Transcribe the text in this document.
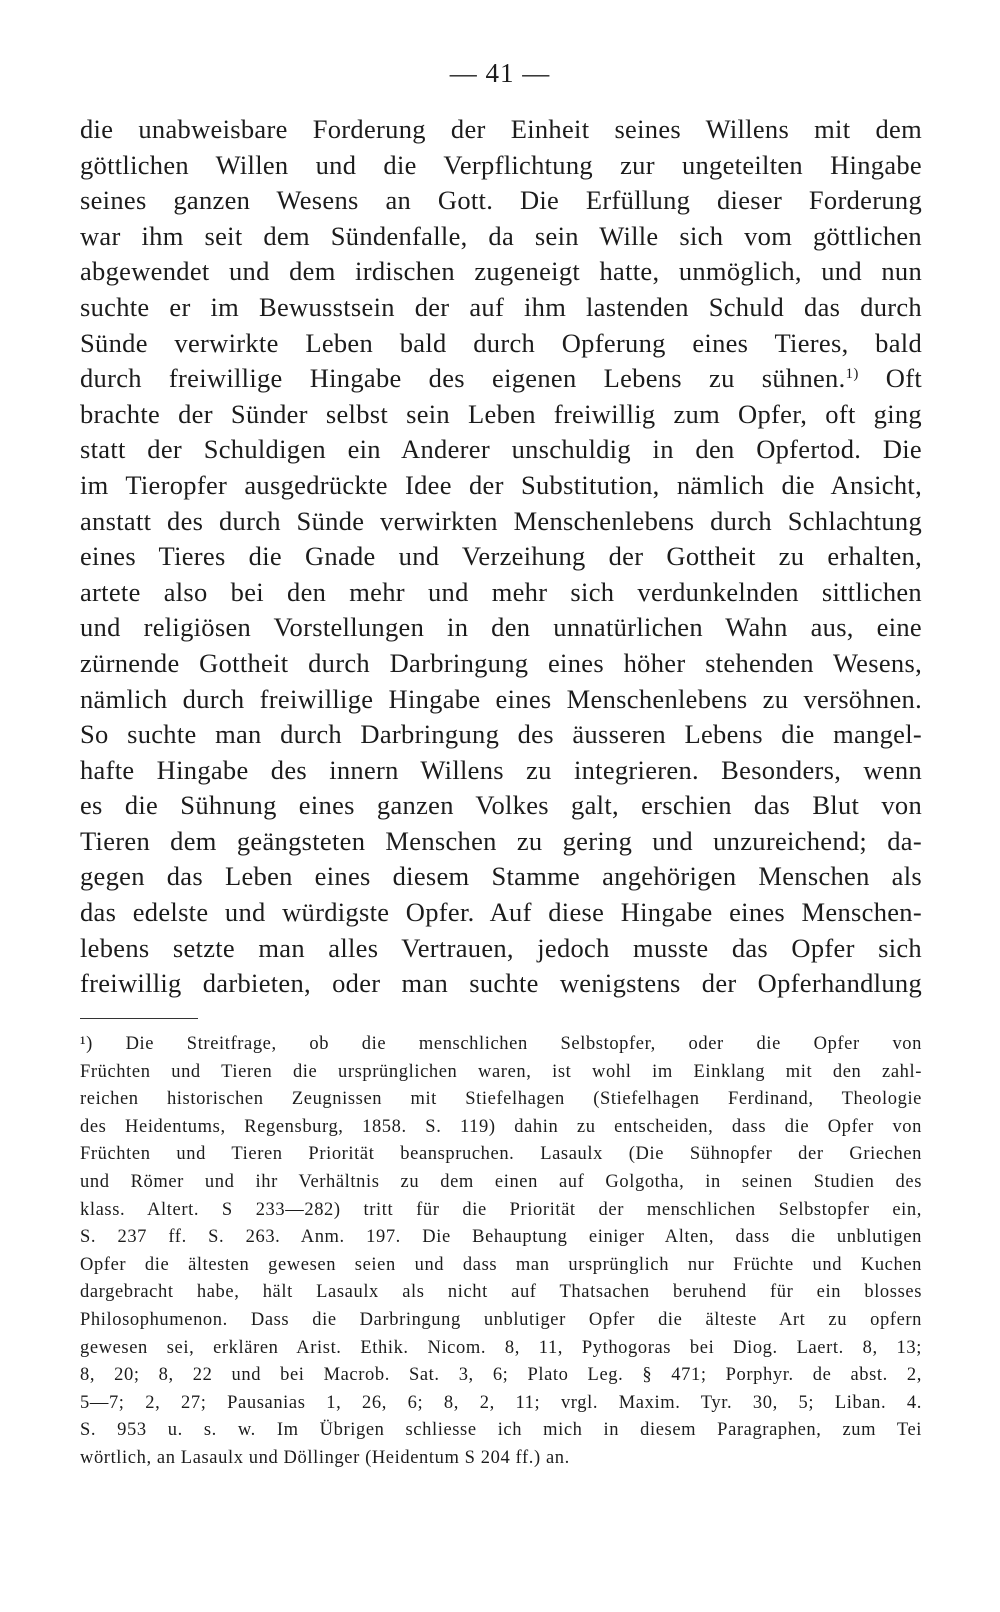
— 41 —
die unabweisbare Forderung der Einheit seines Willens mit dem
göttlichen Willen und die Verpflichtung zur ungeteilten Hingabe
seines ganzen Wesens an Gott. Die Erfüllung dieser Forderung
war ihm seit dem Sündenfalle, da sein Wille sich vom göttlichen
abgewendet und dem irdischen zugeneigt hatte, unmöglich, und nun
suchte er im Bewusstsein der auf ihm lastenden Schuld das durch
Sünde verwirkte Leben bald durch Opferung eines Tieres, bald
durch freiwillige Hingabe des eigenen Lebens zu sühnen.$^{1)}$ Oft
brachte der Sünder selbst sein Leben freiwillig zum Opfer, oft ging
statt der Schuldigen ein Anderer unschuldig in den Opfertod. Die
im Tieropfer ausgedrückte Idee der Substitution, nämlich die Ansicht,
anstatt des durch Sünde verwirkten Menschenlebens durch Schlachtung
eines Tieres die Gnade und Verzeihung der Gottheit zu erhalten,
artete also bei den mehr und mehr sich verdunkelnden sittlichen
und religiösen Vorstellungen in den unnatürlichen Wahn aus, eine
zürnende Gottheit durch Darbringung eines höher stehenden Wesens,
nämlich durch freiwillige Hingabe eines Menschenlebens zu versöhnen.
So suchte man durch Darbringung des äusseren Lebens die mangel-
hafte Hingabe des innern Willens zu integrieren. Besonders, wenn
es die Sühnung eines ganzen Volkes galt, erschien das Blut von
Tieren dem geängsteten Menschen zu gering und unzureichend; da-
gegen das Leben eines diesem Stamme angehörigen Menschen als
das edelste und würdigste Opfer. Auf diese Hingabe eines Menschen-
lebens setzte man alles Vertrauen, jedoch musste das Opfer sich
freiwillig darbieten, oder man suchte wenigstens der Opferhandlung
¹) Die Streitfrage, ob die menschlichen Selbstopfer, oder die Opfer von
Früchten und Tieren die ursprünglichen waren, ist wohl im Einklang mit den zahl-
reichen historischen Zeugnissen mit Stiefelhagen (Stiefelhagen Ferdinand, Theologie
des Heidentums, Regensburg, 1858. S. 119) dahin zu entscheiden, dass die Opfer von
Früchten und Tieren Priorität beanspruchen. Lasaulx (Die Sühnopfer der Griechen
und Römer und ihr Verhältnis zu dem einen auf Golgotha, in seinen Studien des
klass. Altert. S 233—282) tritt für die Priorität der menschlichen Selbstopfer ein,
S. 237 ff. S. 263. Anm. 197. Die Behauptung einiger Alten, dass die unblutigen
Opfer die ältesten gewesen seien und dass man ursprünglich nur Früchte und Kuchen
dargebracht habe, hält Lasaulx als nicht auf Thatsachen beruhend für ein blosses
Philosophumenon. Dass die Darbringung unblutiger Opfer die älteste Art zu opfern
gewesen sei, erklären Arist. Ethik. Nicom. 8, 11, Pythogoras bei Diog. Laert. 8, 13;
8, 20; 8, 22 und bei Macrob. Sat. 3, 6; Plato Leg. § 471; Porphyr. de abst. 2,
5—7; 2, 27; Pausanias 1, 26, 6; 8, 2, 11; vrgl. Maxim. Tyr. 30, 5; Liban. 4.
S. 953 u. s. w. Im Übrigen schliesse ich mich in diesem Paragraphen, zum Tei
wörtlich, an Lasaulx und Döllinger (Heidentum S 204 ff.) an.
